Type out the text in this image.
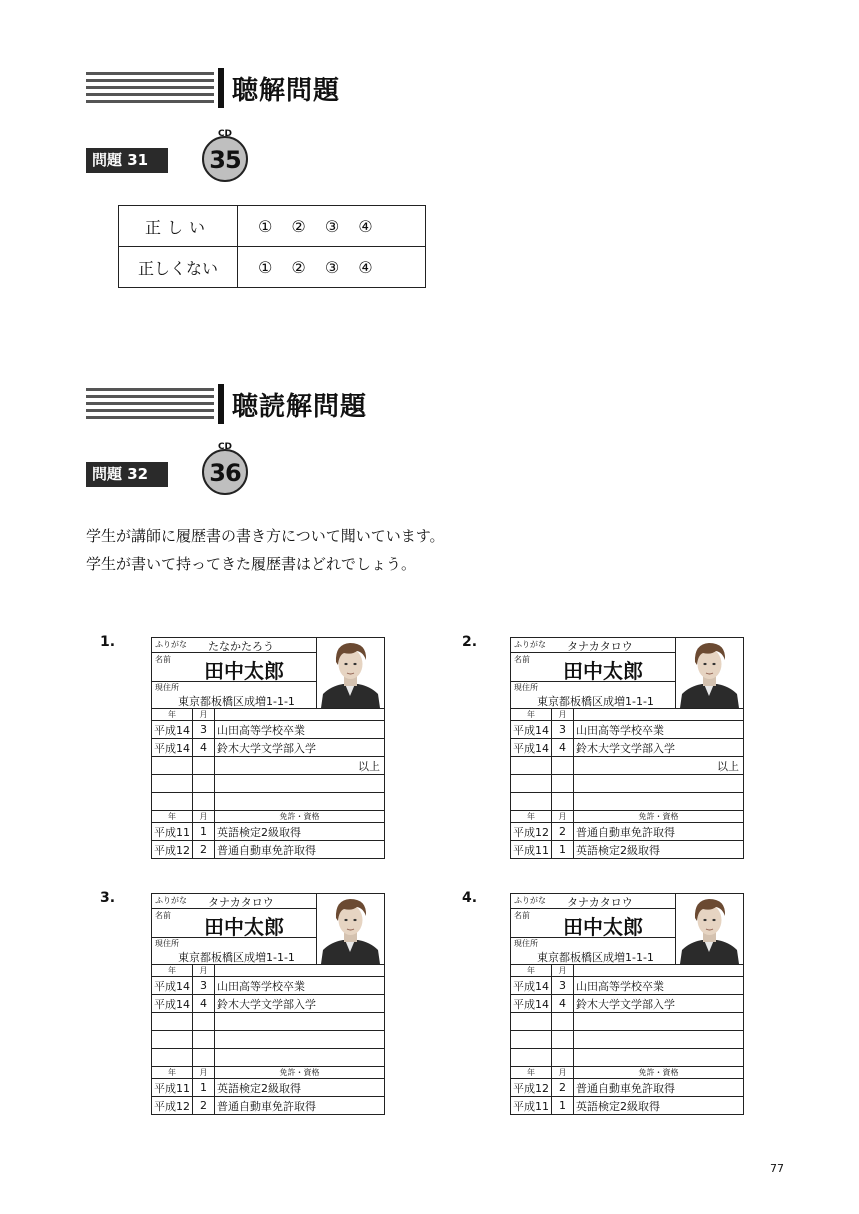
聴解問題
問題 31
CD
35
正しい	① ② ③ ④
正しくない	① ② ③ ④
聴読解問題
問題 32
CD
36
学生が講師に履歴書の書き方について聞いています。
学生が書いて持ってきた履歴書はどれでしょう。
1.	ふりがな たなかたろう
名前 田中太郎
現住所
東京都板橋区成増1-1-1
年	月	
平成14	3	山田高等学校卒業
平成14	4	鈴木大学文学部入学
		以上

年	月	免許・資格
平成11	1	英語検定2級取得
平成12	2	普通自動車免許取得
2.	ふりがな タナカタロウ
名前 田中太郎
現住所
東京都板橋区成増1-1-1
年	月	
平成14	3	山田高等学校卒業
平成14	4	鈴木大学文学部入学
		以上

年	月	免許・資格
平成12	2	普通自動車免許取得
平成11	1	英語検定2級取得
3.	ふりがな タナカタロウ
名前 田中太郎
現住所
東京都板橋区成増1-1-1
年	月	
平成14	3	山田高等学校卒業
平成14	4	鈴木大学文学部入学

年	月	免許・資格
平成11	1	英語検定2級取得
平成12	2	普通自動車免許取得
4.	ふりがな タナカタロウ
名前 田中太郎
現住所
東京都板橋区成増1-1-1
年	月	
平成14	3	山田高等学校卒業
平成14	4	鈴木大学文学部入学

年	月	免許・資格
平成12	2	普通自動車免許取得
平成11	1	英語検定2級取得
77
